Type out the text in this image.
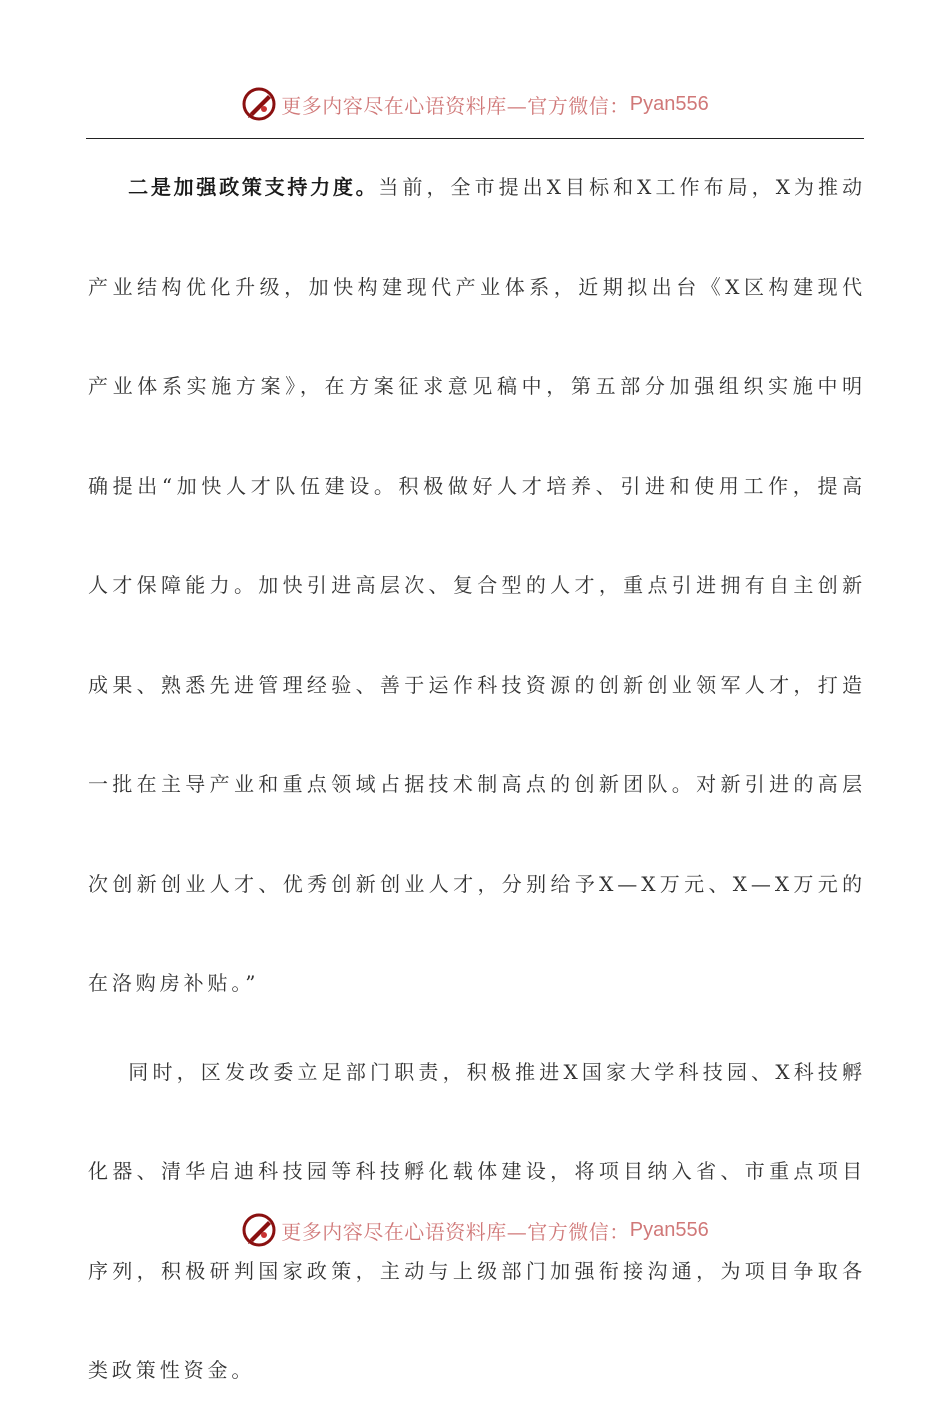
更多内容尽在心语资料库—官方微信： Pyan556

二是加强政策支持力度。当前，全市提出X目标和X工作布局，X为推动产业结构优化升级，加快构建现代产业体系，近期拟出台《X区构建现代产业体系实施方案》，在方案征求意见稿中，第五部分加强组织实施中明确提出“加快人才队伍建设。积极做好人才培养、引进和使用工作，提高人才保障能力。加快引进高层次、复合型的人才，重点引进拥有自主创新成果、熟悉先进管理经验、善于运作科技资源的创新创业领军人才，打造一批在主导产业和重点领域占据技术制高点的创新团队。对新引进的高层次创新创业人才、优秀创新创业人才，分别给予X—X万元、X—X万元的在洛购房补贴。”

同时，区发改委立足部门职责，积极推进X国家大学科技园、X科技孵化器、清华启迪科技园等科技孵化载体建设，将项目纳入省、市重点项目序列，积极研判国家政策，主动与上级部门加强衔接沟通，为项目争取各类政策性资金。

更多内容尽在心语资料库—官方微信： Pyan556
